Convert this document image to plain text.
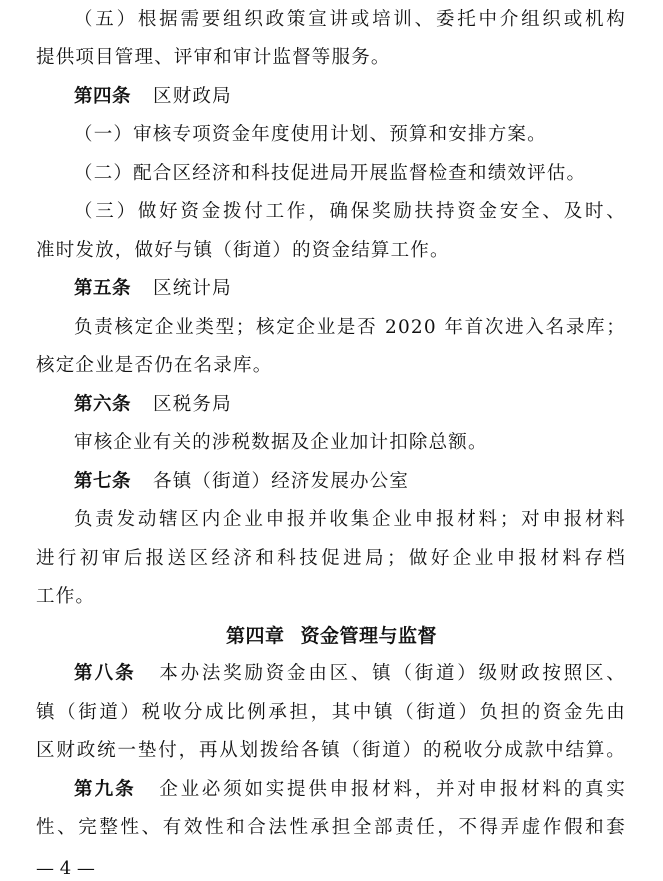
（五）根据需要组织政策宣讲或培训、委托中介组织或机构
提供项目管理、评审和审计监督等服务。
第四条 区财政局
（一）审核专项资金年度使用计划、预算和安排方案。
（二）配合区经济和科技促进局开展监督检查和绩效评估。
（三）做好资金拨付工作，确保奖励扶持资金安全、及时、
准时发放，做好与镇（街道）的资金结算工作。
第五条 区统计局
负责核定企业类型；核定企业是否 2020 年首次进入名录库；
核定企业是否仍在名录库。
第六条 区税务局
审核企业有关的涉税数据及企业加计扣除总额。
第七条 各镇（街道）经济发展办公室
负责发动辖区内企业申报并收集企业申报材料；对申报材料
进行初审后报送区经济和科技促进局；做好企业申报材料存档
工作。
第四章 资金管理与监督
第八条 本办法奖励资金由区、镇（街道）级财政按照区、
镇（街道）税收分成比例承担，其中镇（街道）负担的资金先由
区财政统一垫付，再从划拨给各镇（街道）的税收分成款中结算。
第九条 企业必须如实提供申报材料，并对申报材料的真实
性、完整性、有效性和合法性承担全部责任，不得弄虚作假和套
— 4 —
